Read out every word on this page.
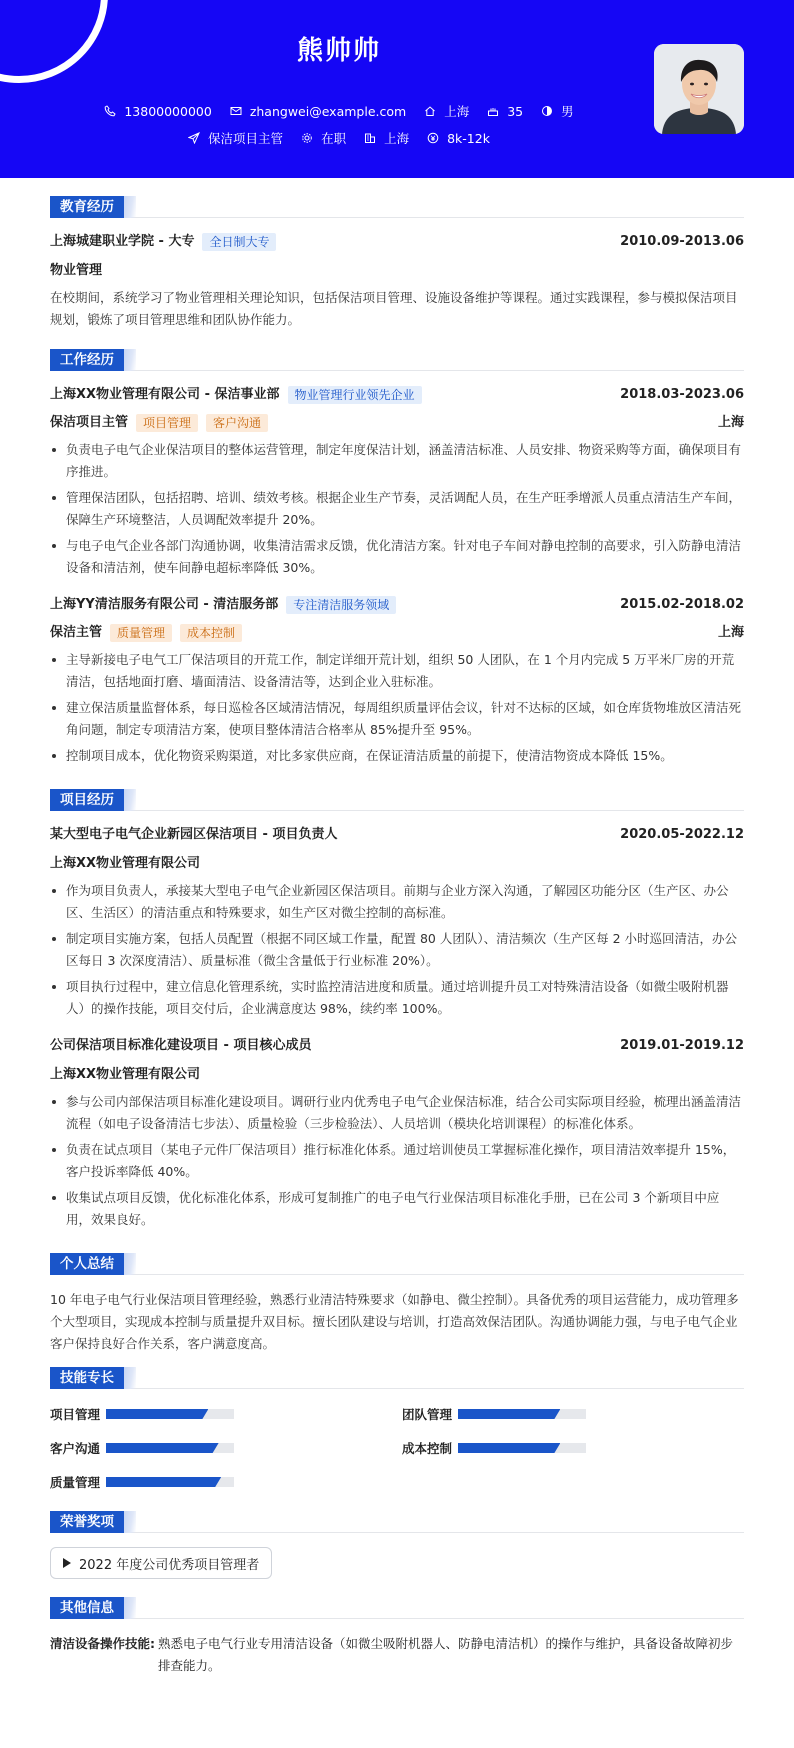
熊帅帅
13800000000	zhangwei@example.com	上海	35	男
保洁项目主管	在职	上海	8k-12k
教育经历
上海城建职业学院 - 大专	全日制大专	2010.09-2013.06
物业管理
在校期间，系统学习了物业管理相关理论知识，包括保洁项目管理、设施设备维护等课程。通过实践课程，参与模拟保洁项目规划，锻炼了项目管理思维和团队协作能力。
工作经历
上海XX物业管理有限公司 - 保洁事业部	物业管理行业领先企业	2018.03-2023.06
保洁项目主管	项目管理	客户沟通	上海
负责电子电气企业保洁项目的整体运营管理，制定年度保洁计划，涵盖清洁标准、人员安排、物资采购等方面，确保项目有序推进。
管理保洁团队，包括招聘、培训、绩效考核。根据企业生产节奏，灵活调配人员，在生产旺季增派人员重点清洁生产车间，保障生产环境整洁，人员调配效率提升 20%。
与电子电气企业各部门沟通协调，收集清洁需求反馈，优化清洁方案。针对电子车间对静电控制的高要求，引入防静电清洁设备和清洁剂，使车间静电超标率降低 30%。
上海YY清洁服务有限公司 - 清洁服务部	专注清洁服务领域	2015.02-2018.02
保洁主管	质量管理	成本控制	上海
主导新接电子电气工厂保洁项目的开荒工作，制定详细开荒计划，组织 50 人团队，在 1 个月内完成 5 万平米厂房的开荒清洁，包括地面打磨、墙面清洁、设备清洁等，达到企业入驻标准。
建立保洁质量监督体系，每日巡检各区域清洁情况，每周组织质量评估会议，针对不达标的区域，如仓库货物堆放区清洁死角问题，制定专项清洁方案，使项目整体清洁合格率从 85%提升至 95%。
控制项目成本，优化物资采购渠道，对比多家供应商，在保证清洁质量的前提下，使清洁物资成本降低 15%。
项目经历
某大型电子电气企业新园区保洁项目 - 项目负责人	2020.05-2022.12
上海XX物业管理有限公司
作为项目负责人，承接某大型电子电气企业新园区保洁项目。前期与企业方深入沟通，了解园区功能分区（生产区、办公区、生活区）的清洁重点和特殊要求，如生产区对微尘控制的高标准。
制定项目实施方案，包括人员配置（根据不同区域工作量，配置 80 人团队）、清洁频次（生产区每 2 小时巡回清洁，办公区每日 3 次深度清洁）、质量标准（微尘含量低于行业标准 20%）。
项目执行过程中，建立信息化管理系统，实时监控清洁进度和质量。通过培训提升员工对特殊清洁设备（如微尘吸附机器人）的操作技能，项目交付后，企业满意度达 98%，续约率 100%。
公司保洁项目标准化建设项目 - 项目核心成员	2019.01-2019.12
上海XX物业管理有限公司
参与公司内部保洁项目标准化建设项目。调研行业内优秀电子电气企业保洁标准，结合公司实际项目经验，梳理出涵盖清洁流程（如电子设备清洁七步法）、质量检验（三步检验法）、人员培训（模块化培训课程）的标准化体系。
负责在试点项目（某电子元件厂保洁项目）推行标准化体系。通过培训使员工掌握标准化操作，项目清洁效率提升 15%，客户投诉率降低 40%。
收集试点项目反馈，优化标准化体系，形成可复制推广的电子电气行业保洁项目标准化手册，已在公司 3 个新项目中应用，效果良好。
个人总结
10 年电子电气行业保洁项目管理经验，熟悉行业清洁特殊要求（如静电、微尘控制）。具备优秀的项目运营能力，成功管理多个大型项目，实现成本控制与质量提升双目标。擅长团队建设与培训，打造高效保洁团队。沟通协调能力强，与电子电气企业客户保持良好合作关系，客户满意度高。
技能专长
项目管理	团队管理
客户沟通	成本控制
质量管理
荣誉奖项
2022 年度公司优秀项目管理者
其他信息
清洁设备操作技能: 熟悉电子电气行业专用清洁设备（如微尘吸附机器人、防静电清洁机）的操作与维护，具备设备故障初步排查能力。
